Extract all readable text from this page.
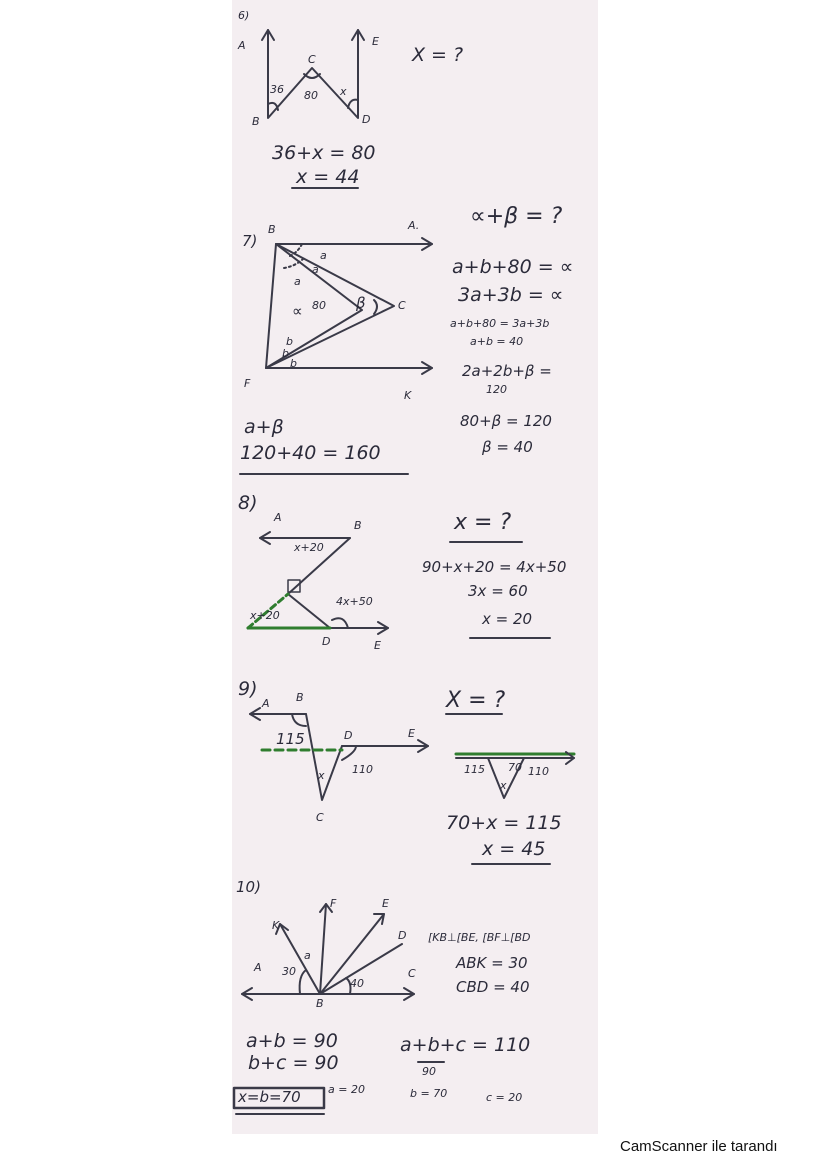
6)
A
B
C
D
E
36 80 x
X = ?
36+x = 80
x = 44
7)
B	A.
C
F
K
a
a
a
∝ 80 β
b
b
b
∝+β = ?
a+b+80 = ∝
3a+3b = ∝
a+b+80 = 3a+3b
a+b = 40
2a+2b+β =
120
80+β = 120
β = 40
a+β
120+40 = 160
8)
A
B
D	E
x+20
x+20
4x+50
x = ?
90+x+20 = 4x+50
3x = 60
x = 20
9)
A B
D	E
C
115
110
x
X = ?
115 70 110
x
70+x = 115
x = 45
10)
K
F	E
D
A
B
C
30
a
40
[KB⊥[BE, [BF⊥[BD
ABK = 30
CBD = 40
a+b = 90
b+c = 90
a+b+c = 110
90
x=b=70 a = 20	b = 70	c = 20
CamScanner ile tarandı
